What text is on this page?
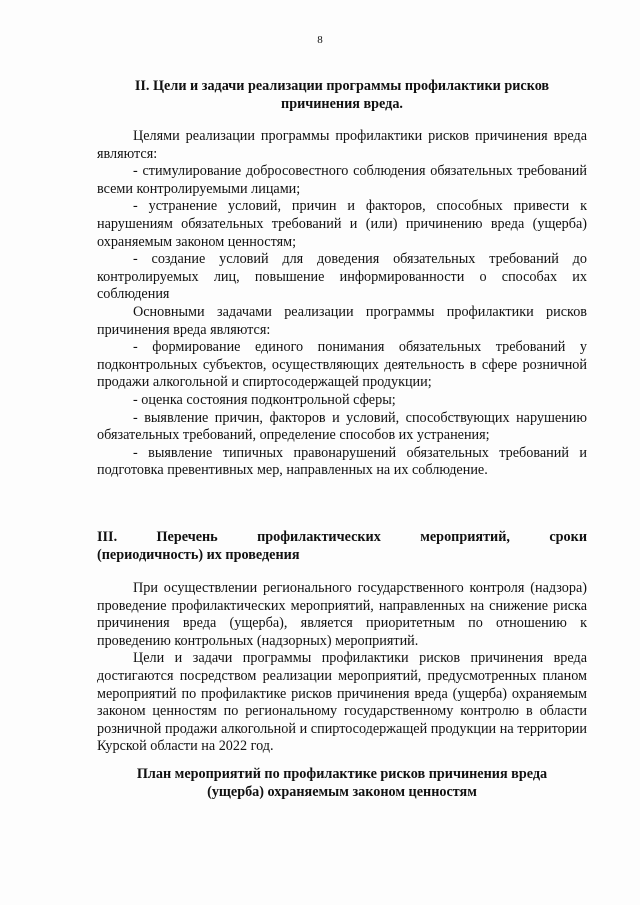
8
II. Цели и задачи реализации программы профилактики рисков причинения вреда.

Целями реализации программы профилактики рисков причинения вреда являются:

- стимулирование добросовестного соблюдения обязательных требований всеми контролируемыми лицами;

- устранение условий, причин и факторов, способных привести к нарушениям обязательных требований и (или) причинению вреда (ущерба) охраняемым законом ценностям;

- создание условий для доведения обязательных требований до контролируемых лиц, повышение информированности о способах их соблюдения

Основными задачами реализации программы профилактики рисков причинения вреда являются:

- формирование единого понимания обязательных требований у подконтрольных субъектов, осуществляющих деятельность в сфере розничной продажи алкогольной и спиртосодержащей продукции;

- оценка состояния подконтрольной сферы;

- выявление причин, факторов и условий, способствующих нарушению обязательных требований, определение способов их устранения;

- выявление типичных правонарушений обязательных требований и подготовка превентивных мер, направленных на их соблюдение.

III. Перечень профилактических мероприятий, сроки
(периодичность) их проведения

При осуществлении регионального государственного контроля (надзора) проведение профилактических мероприятий, направленных на снижение риска причинения вреда (ущерба), является приоритетным по отношению к проведению контрольных (надзорных) мероприятий.

Цели и задачи программы профилактики рисков причинения вреда достигаются посредством реализации мероприятий, предусмотренных планом мероприятий по профилактике рисков причинения вреда (ущерба) охраняемым законом ценностям по региональному государственному контролю в области розничной продажи алкогольной и спиртосодержащей продукции на территории Курской области на 2022 год.

План мероприятий по профилактике рисков причинения вреда (ущерба) охраняемым законом ценностям
